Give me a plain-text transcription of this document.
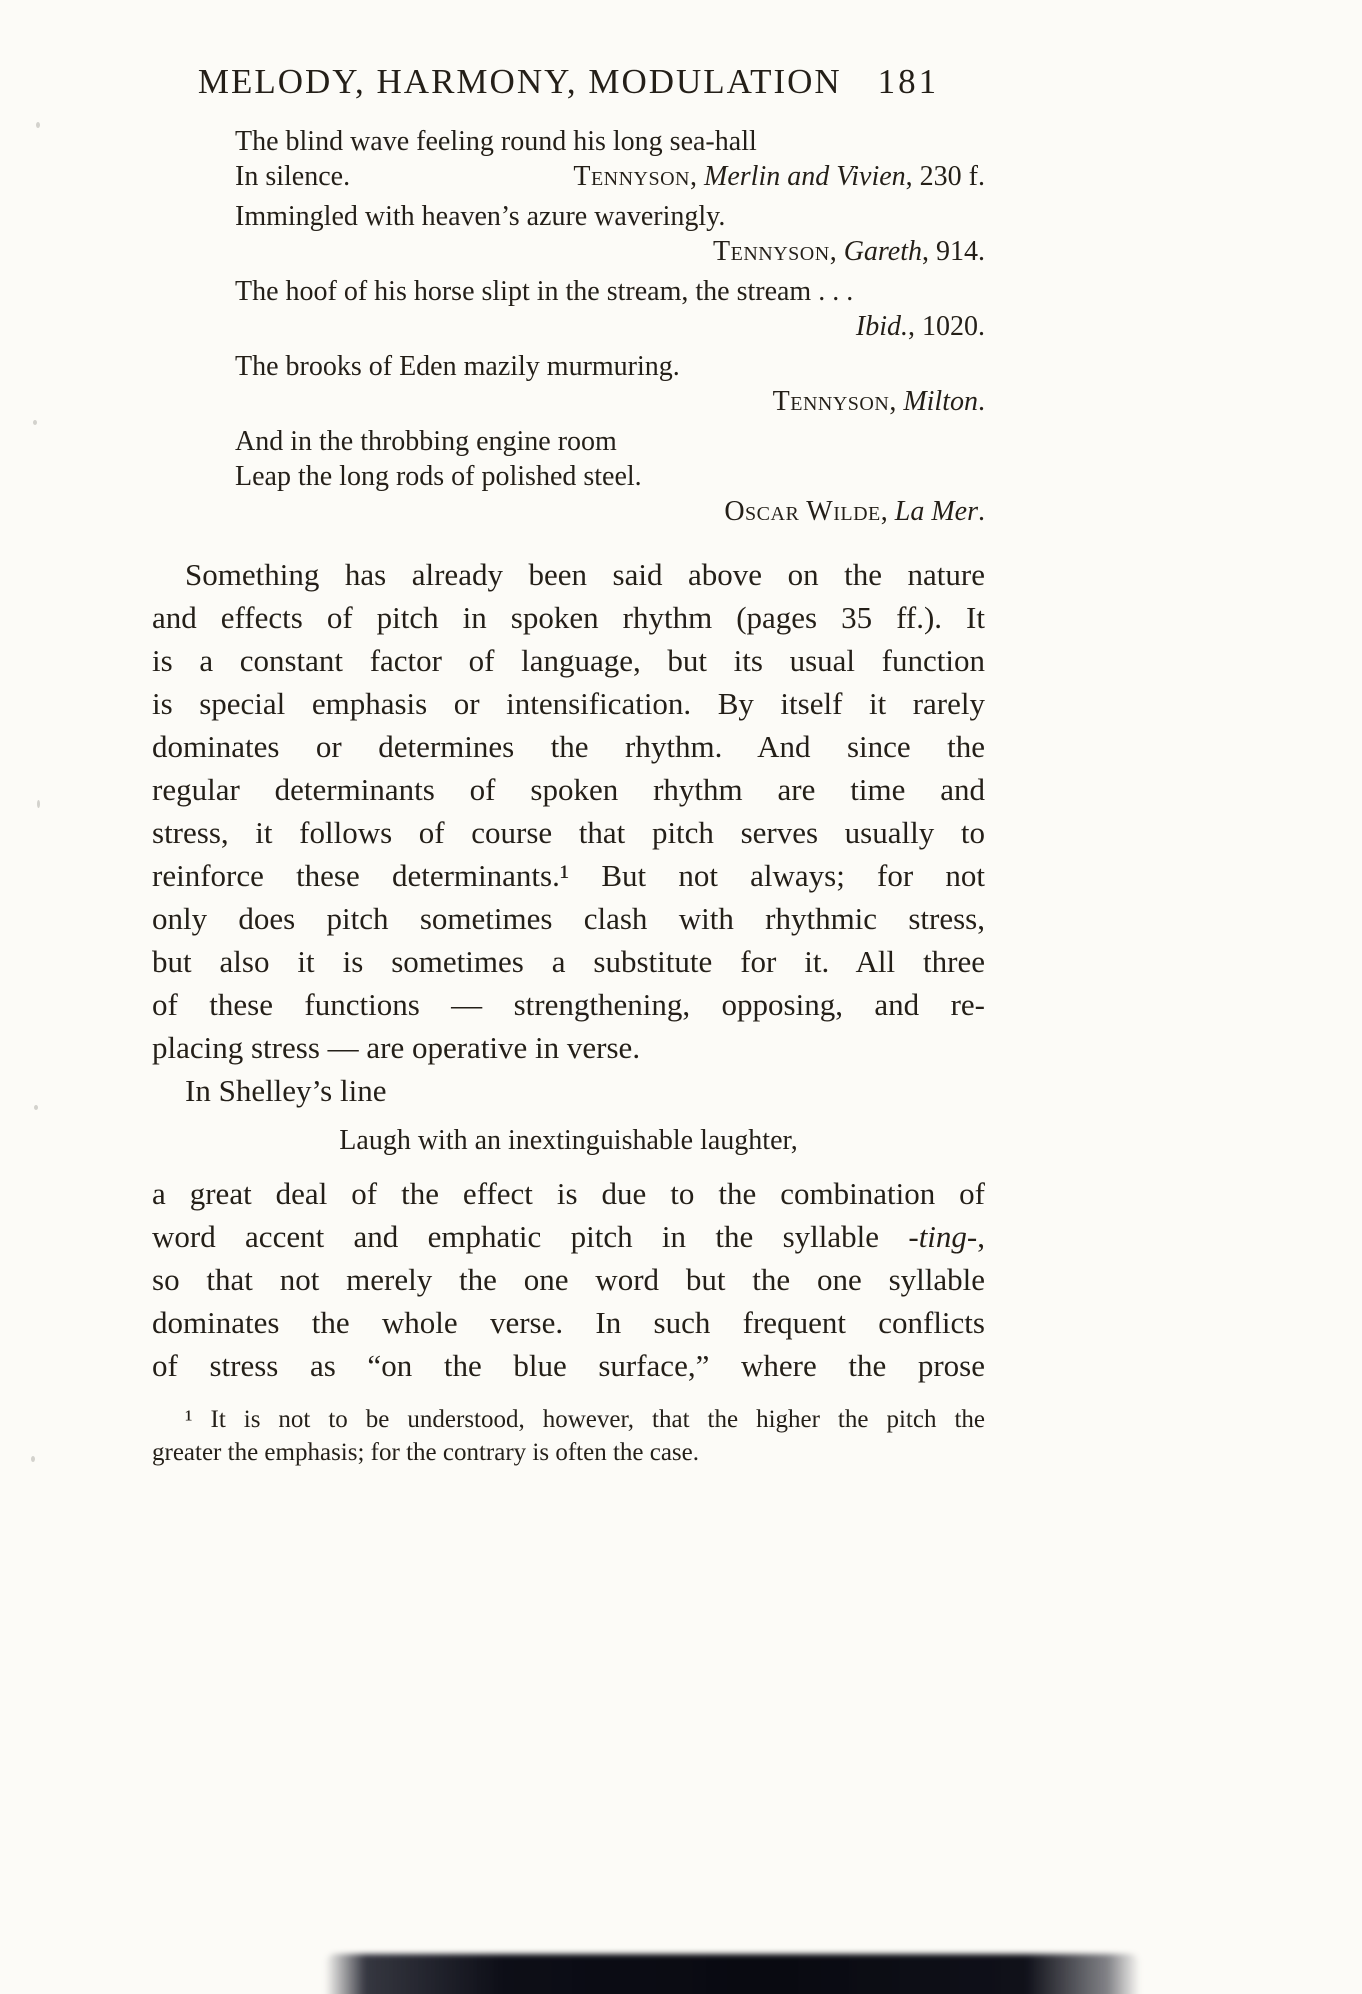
MELODY, HARMONY, MODULATION 181
The blind wave feeling round his long sea-hall
In silence.	Tennyson, Merlin and Vivien, 230 f.
Immingled with heaven’s azure waveringly.
Tennyson, Gareth, 914.
The hoof of his horse slipt in the stream, the stream . . .
Ibid., 1020.
The brooks of Eden mazily murmuring.
Tennyson, Milton.
And in the throbbing engine room
Leap the long rods of polished steel.
Oscar Wilde, La Mer.
Something has already been said above on the nature
and effects of pitch in spoken rhythm (pages 35 ff.). It
is a constant factor of language, but its usual function
is special emphasis or intensification. By itself it rarely
dominates or determines the rhythm. And since the
regular determinants of spoken rhythm are time and
stress, it follows of course that pitch serves usually to
reinforce these determinants.¹ But not always; for not
only does pitch sometimes clash with rhythmic stress,
but also it is sometimes a substitute for it. All three
of these functions — strengthening, opposing, and re-
placing stress — are operative in verse.
In Shelley’s line
Laugh with an inextinguishable laughter,
a great deal of the effect is due to the combination of
word accent and emphatic pitch in the syllable -ting-,
so that not merely the one word but the one syllable
dominates the whole verse. In such frequent conflicts
of stress as “on the blue surface,” where the prose
¹ It is not to be understood, however, that the higher the pitch the
greater the emphasis; for the contrary is often the case.
